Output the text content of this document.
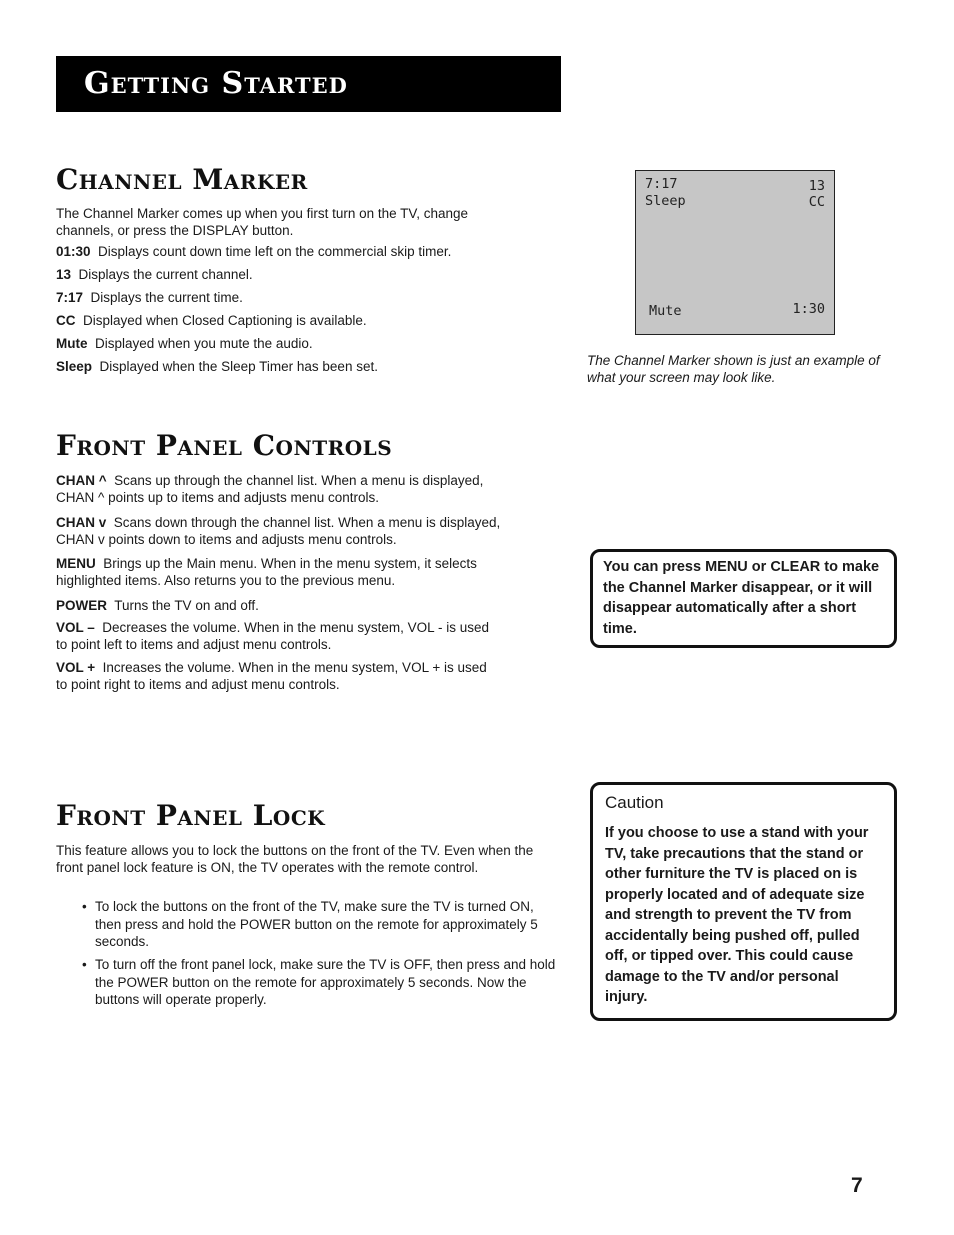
Getting Started
Channel Marker

The Channel Marker comes up when you first turn on the TV, change channels, or press the DISPLAY button.

01:30 Displays count down time left on the commercial skip timer.
13 Displays the current channel.
7:17 Displays the current time.
CC Displayed when Closed Captioning is available.
Mute Displayed when you mute the audio.
Sleep Displayed when the Sleep Timer has been set.
7:17
Sleep
13
CC
Mute	1:30

The Channel Marker shown is just an example of what your screen may look like.

Front Panel Controls
CHAN ^ Scans up through the channel list. When a menu is displayed,
CHAN ^ points up to items and adjusts menu controls.
CHAN v Scans down through the channel list. When a menu is displayed,
CHAN v points down to items and adjusts menu controls.
MENU Brings up the Main menu. When in the menu system, it selects
highlighted items. Also returns you to the previous menu.
POWER Turns the TV on and off.
VOL – Decreases the volume. When in the menu system, VOL - is used
to point left to items and adjust menu controls.
VOL + Increases the volume. When in the menu system, VOL + is used
to point right to items and adjust menu controls.
You can press MENU or CLEAR to make the Channel Marker disappear, or it will disappear automatically after a short time.
Front Panel Lock

This feature allows you to lock the buttons on the front of the TV. Even when the front panel lock feature is ON, the TV operates with the remote control.

• To lock the buttons on the front of the TV, make sure the TV is turned ON, then press and hold the POWER button on the remote for approximately 5 seconds.
• To turn off the front panel lock, make sure the TV is OFF, then press and hold the POWER button on the remote for approximately 5 seconds. Now the buttons will operate properly.
Caution
If you choose to use a stand with your TV, take precautions that the stand or other furniture the TV is placed on is properly located and of adequate size and strength to prevent the TV from accidentally being pushed off, pulled off, or tipped over. This could cause damage to the TV and/or personal injury.
7
